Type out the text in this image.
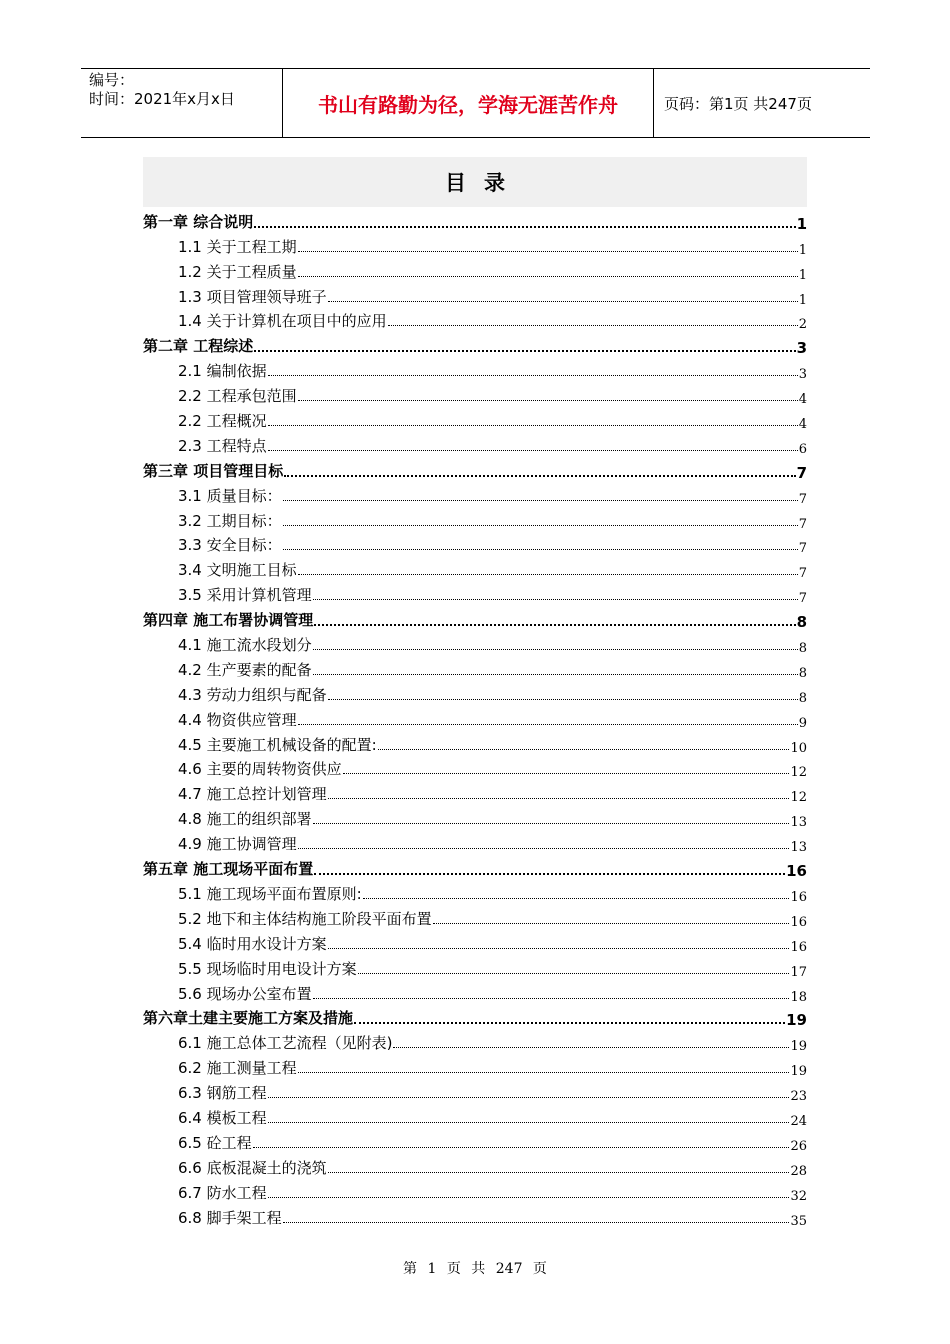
编号：
时间：2021年x月x日	书山有路勤为径，学海无涯苦作舟	页码：第1页 共247页
目录
第一章 综合说明	1
1.1 关于工程工期	1
1.2 关于工程质量	1
1.3 项目管理领导班子	1
1.4 关于计算机在项目中的应用	2
第二章 工程综述	3
2.1 编制依据	3
2.2 工程承包范围	4
2.2 工程概况	4
2.3 工程特点	6
第三章 项目管理目标	7
3.1 质量目标：	7
3.2 工期目标：	7
3.3 安全目标：	7
3.4 文明施工目标	7
3.5 采用计算机管理	7
第四章 施工布署协调管理	8
4.1 施工流水段划分	8
4.2 生产要素的配备	8
4.3 劳动力组织与配备	8
4.4 物资供应管理	9
4.5 主要施工机械设备的配置:	10
4.6 主要的周转物资供应	12
4.7 施工总控计划管理	12
4.8 施工的组织部署	13
4.9 施工协调管理	13
第五章 施工现场平面布置	16
5.1 施工现场平面布置原则:	16
5.2 地下和主体结构施工阶段平面布置	16
5.4 临时用水设计方案	16
5.5 现场临时用电设计方案	17
5.6 现场办公室布置	18
第六章土建主要施工方案及措施	19
6.1 施工总体工艺流程（见附表)	19
6.2 施工测量工程	19
6.3 钢筋工程	23
6.4 模板工程	24
6.5 砼工程	26
6.6 底板混凝土的浇筑	28
6.7 防水工程	32
6.8 脚手架工程	35
第 1 页 共 247 页
